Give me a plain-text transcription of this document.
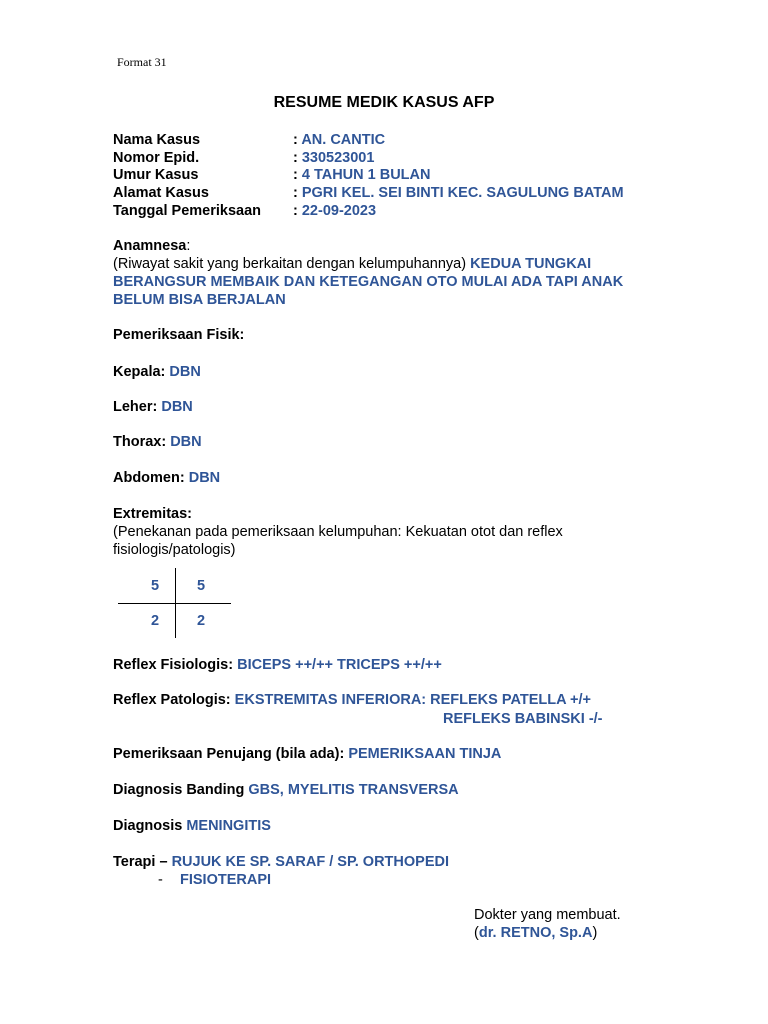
Format 31
RESUME MEDIK KASUS AFP
Nama Kasus	: AN. CANTIC
Nomor Epid.	: 330523001
Umur Kasus	: 4 TAHUN 1 BULAN
Alamat Kasus	: PGRI KEL. SEI BINTI KEC. SAGULUNG BATAM
Tanggal Pemeriksaan : 22-09-2023
Anamnesa:
(Riwayat sakit yang berkaitan dengan kelumpuhannya) KEDUA TUNGKAI
BERANGSUR MEMBAIK DAN KETEGANGAN OTO MULAI ADA TAPI ANAK
BELUM BISA BERJALAN
Pemeriksaan Fisik:
Kepala: DBN
Leher: DBN
Thorax: DBN
Abdomen: DBN
Extremitas:
(Penekanan pada pemeriksaan kelumpuhan: Kekuatan otot dan reflex
fisiologis/patologis)
5	5
2	2
Reflex Fisiologis: BICEPS ++/++ TRICEPS ++/++
Reflex Patologis: EKSTREMITAS INFERIORA: REFLEKS PATELLA +/+
REFLEKS BABINSKI -/-
Pemeriksaan Penujang (bila ada): PEMERIKSAAN TINJA
Diagnosis Banding GBS, MYELITIS TRANSVERSA
Diagnosis MENINGITIS
Terapi – RUJUK KE SP. SARAF / SP. ORTHOPEDI
- FISIOTERAPI
Dokter yang membuat.
(dr. RETNO, Sp.A)
